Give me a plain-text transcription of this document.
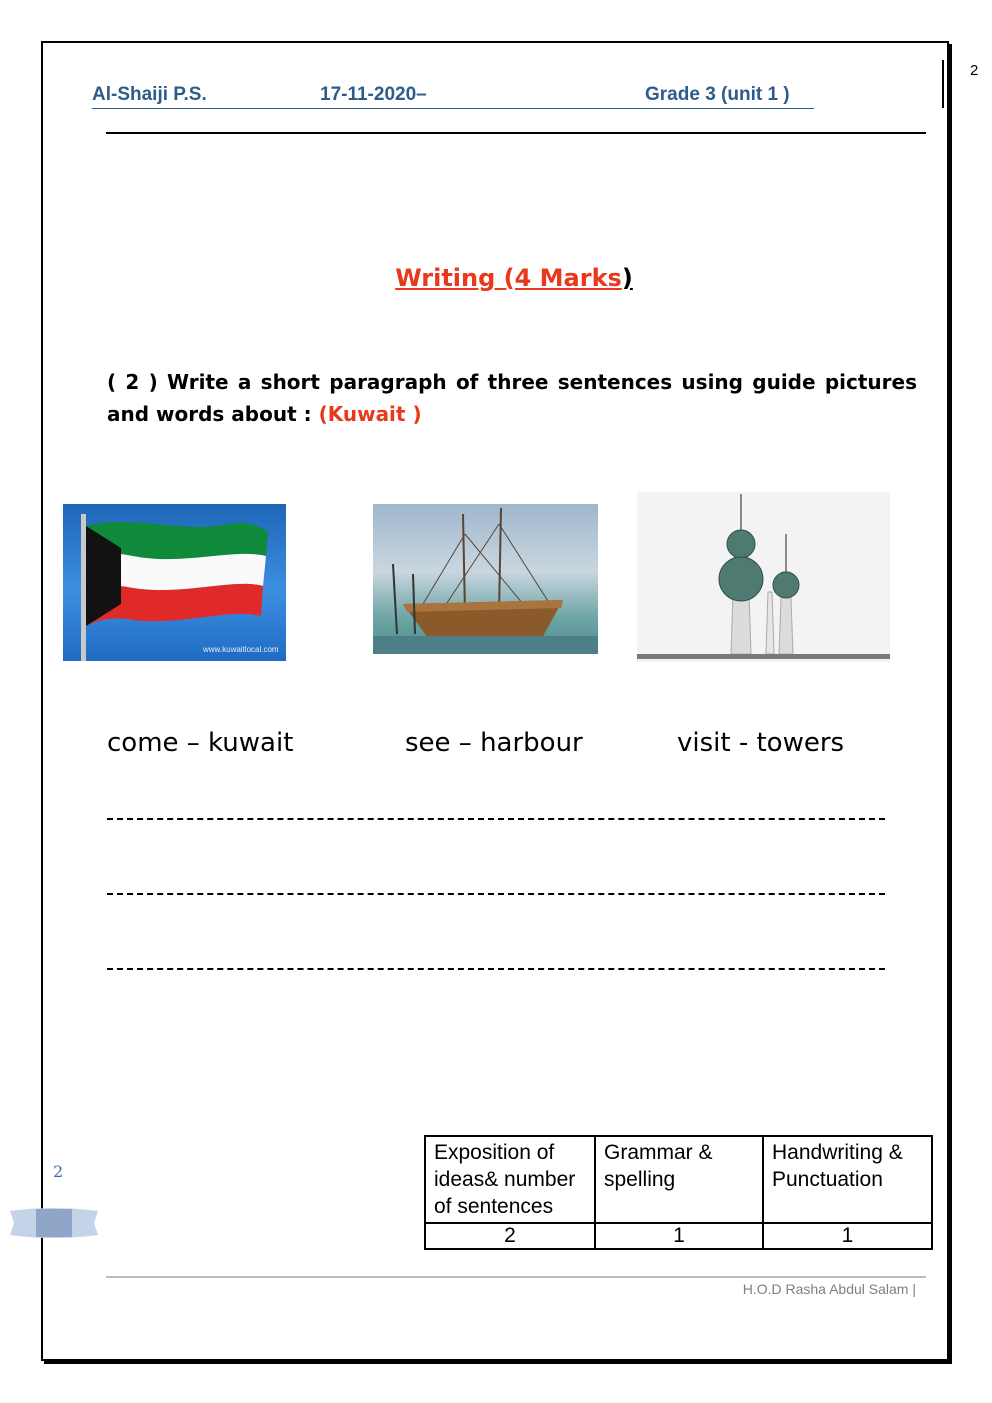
2
Al-Shaiji P.S.	17-11-2020–	Grade 3 (unit 1 )
Writing (4 Marks)
( 2 ) Write a short paragraph of three sentences using guide pictures and words about : (Kuwait )
www.kuwaitlocal.com
come – kuwait	see – harbour	visit - towers
Exposition of ideas& number of sentences	Grammar & spelling	Handwriting & Punctuation
2	1	1
2
H.O.D Rasha Abdul Salam |
